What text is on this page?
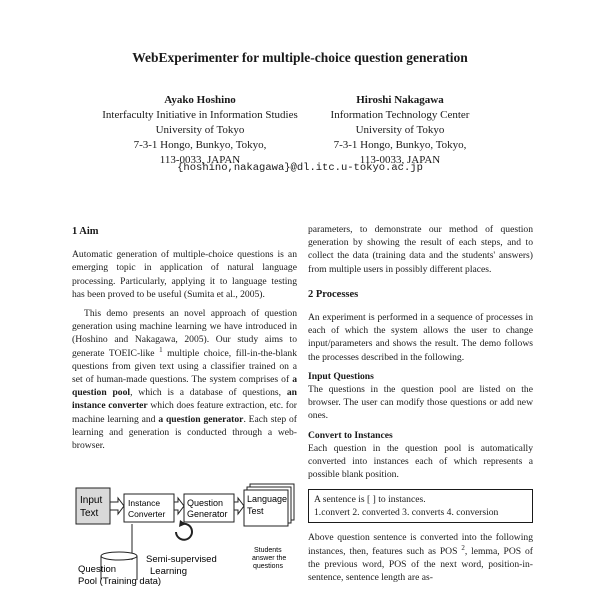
WebExperimenter for multiple-choice question generation
Ayako Hoshino
Interfaculty Initiative in Information Studies
University of Tokyo
7-3-1 Hongo, Bunkyo, Tokyo,
113-0033, JAPAN
Hiroshi Nakagawa
Information Technology Center
University of Tokyo
7-3-1 Hongo, Bunkyo, Tokyo,
113-0033, JAPAN
{hoshino,nakagawa}@dl.itc.u-tokyo.ac.jp
1 Aim

Automatic generation of multiple-choice questions is an emerging topic in application of natural language processing. Particularly, applying it to language testing has been proved to be useful (Sumita et al., 2005).

This demo presents an novel approach of question generation using machine learning we have introduced in (Hoshino and Nakagawa, 2005). Our study aims to generate TOEIC-like $^1$ multiple choice, fill-in-the-blank questions from given text using a classifier trained on a set of human-made questions. The system comprises of a question pool, which is a database of questions, an instance converter which does feature extraction, etc. for machine learning and a question generator. Each step of learning and generation is conducted through a web-browser.

Input
Text
Instance
Converter
Question
Generator
Language
Test
Semi-supervised
Learning
Question
Pool (Training data)
Students
answer the
questions

parameters, to demonstrate our method of question generation by showing the result of each steps, and to collect the data (training data and the students' answers) from multiple users in possibly different places.

2 Processes

An experiment is performed in a sequence of processes in each of which the system allows the user to change input/parameters and shows the result. The demo follows the processes described in the following.

Input Questions

The questions in the question pool are listed on the browser. The user can modify those questions or add new ones.

Convert to Instances

Each question in the question pool is automatically converted into instances each of which represents a possible blank position.

A sentence is [ ] to instances.
1.convert 2. converted 3. converts 4. conversion

Above question sentence is converted into the following instances, then, features such as POS $^2$, lemma, POS of the previous word, POS of the next word, position-in-sentence, sentence length are as-
